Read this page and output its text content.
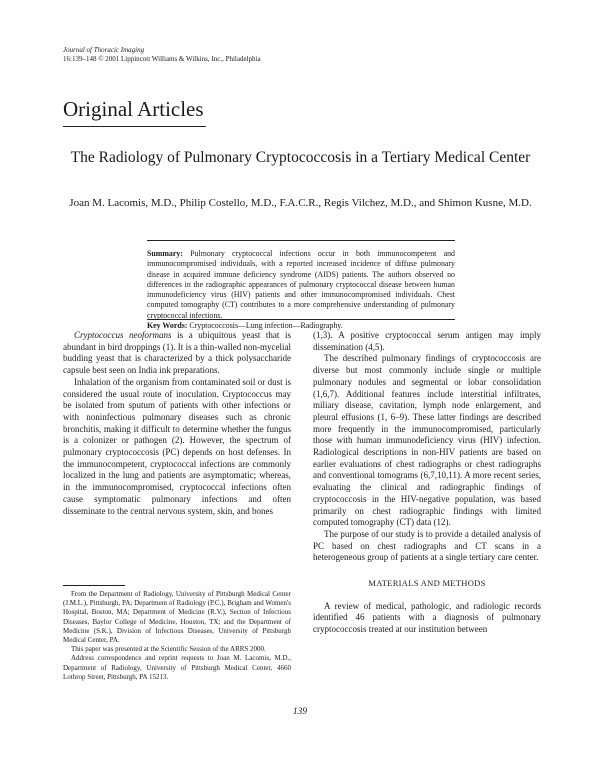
Journal of Thoracic Imaging
16:139–148 © 2001 Lippincott Williams & Wilkins, Inc., Philadelphia
Original Articles
The Radiology of Pulmonary Cryptococcosis in a Tertiary Medical Center
Joan M. Lacomis, M.D., Philip Costello, M.D., F.A.C.R., Regis Vilchez, M.D., and Shimon Kusne, M.D.
Summary: Pulmonary cryptococcal infections occur in both immunocompetent and immunocompromised individuals, with a reported increased incidence of diffuse pulmonary disease in acquired immune deficiency syndrome (AIDS) patients. The authors observed no differences in the radiographic appearances of pulmonary cryptococcal disease between human immunodeficiency virus (HIV) patients and other immunocompromised individuals. Chest computed tomography (CT) contributes to a more comprehensive understanding of pulmonary cryptococcal infections.
Key Words: Cryptococcosis—Lung infection—Radiography.

Cryptococcus neoformans is a ubiquitous yeast that is abundant in bird droppings (1). It is a thin-walled non-mycelial budding yeast that is characterized by a thick polysaccharide capsule best seen on India ink preparations.

Inhalation of the organism from contaminated soil or dust is considered the usual route of inoculation. Cryptococcus may be isolated from sputum of patients with other infections or with noninfectious pulmonary diseases such as chronic bronchitis, making it difficult to determine whether the fungus is a colonizer or pathogen (2). However, the spectrum of pulmonary cryptococcosis (PC) depends on host defenses. In the immunocompetent, cryptococcal infections are commonly localized in the lung and patients are asymptomatic; whereas, in the immunocompromised, cryptococcal infections often cause symptomatic pulmonary infections and often disseminate to the central nervous system, skin, and bones

From the Department of Radiology, University of Pittsburgh Medical Center (J.M.L.), Pittsburgh, PA; Department of Radiology (P.C.), Brigham and Women's Hospital, Boston, MA; Department of Medicine (R.V.), Section of Infectious Diseases, Baylor College of Medicine, Houston, TX; and the Department of Medicine (S.K.), Division of Infectious Diseases, University of Pittsburgh Medical Center, PA.

This paper was presented at the Scientific Session of the ARRS 2000.

Address correspondence and reprint requests to Joan M. Lacomis, M.D., Department of Radiology, University of Pittsburgh Medical Center, 4660 Lothrop Street, Pittsburgh, PA 15213.

(1,3). A positive cryptococcal serum antigen may imply dissemination (4,5).

The described pulmonary findings of cryptococcosis are diverse but most commonly include single or multiple pulmonary nodules and segmental or lobar consolidation (1,6,7). Additional features include interstitial infiltrates, miliary disease, cavitation, lymph node enlargement, and pleural effusions (1, 6–9). These latter findings are described more frequently in the immunocompromised, particularly those with human immunodeficiency virus (HIV) infection. Radiological descriptions in non-HIV patients are based on earlier evaluations of chest radiographs or chest radiographs and conventional tomograms (6,7,10,11). A more recent series, evaluating the clinical and radiographic findings of cryptococcosis in the HIV-negative population, was based primarily on chest radiographic findings with limited computed tomography (CT) data (12).

The purpose of our study is to provide a detailed analysis of PC based on chest radiographs and CT scans in a heterogeneous group of patients at a single tertiary care center.

MATERIALS AND METHODS

A review of medical, pathologic, and radiologic records identified 46 patients with a diagnosis of pulmonary cryptococcosis treated at our institution between

139
